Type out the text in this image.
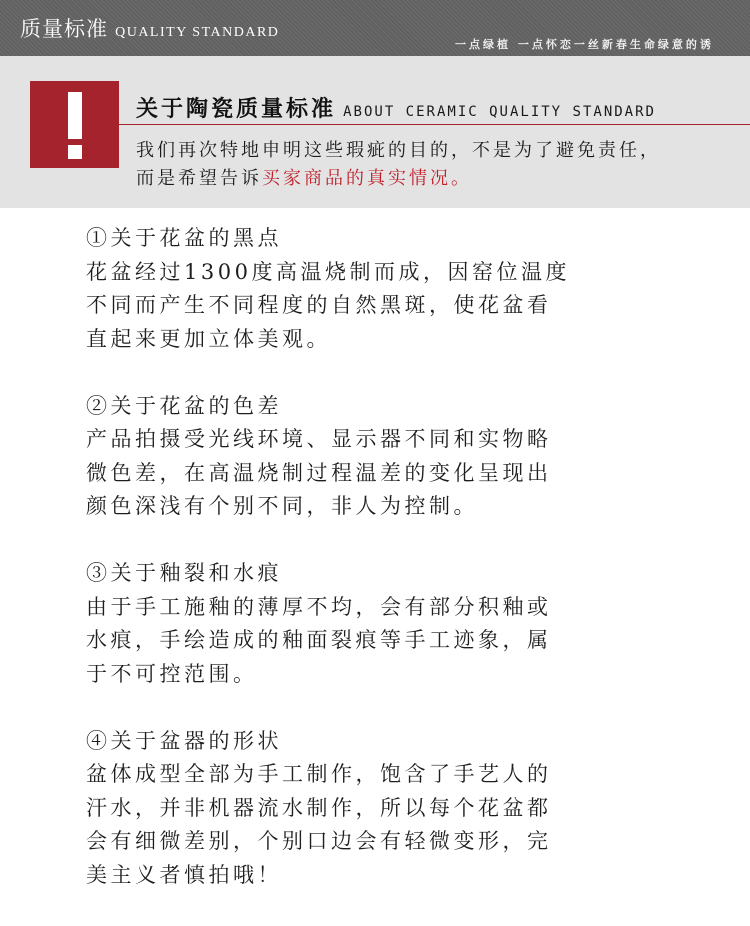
质量标准 QUALITY STANDARD
一点绿植 一点怀恋一丝新春生命绿意的诱
关于陶瓷质量标准 ABOUT CERAMIC QUALITY STANDARD
我们再次特地申明这些瑕疵的目的，不是为了避免责任，
而是希望告诉买家商品的真实情况。
①关于花盆的黑点
花盆经过1300度高温烧制而成，因窑位温度
不同而产生不同程度的自然黑斑，使花盆看
直起来更加立体美观。
②关于花盆的色差
产品拍摄受光线环境、显示器不同和实物略
微色差，在高温烧制过程温差的变化呈现出
颜色深浅有个别不同，非人为控制。
③关于釉裂和水痕
由于手工施釉的薄厚不均，会有部分积釉或
水痕，手绘造成的釉面裂痕等手工迹象，属
于不可控范围。
④关于盆器的形状
盆体成型全部为手工制作，饱含了手艺人的
汗水，并非机器流水制作，所以每个花盆都
会有细微差别，个别口边会有轻微变形，完
美主义者慎拍哦！
